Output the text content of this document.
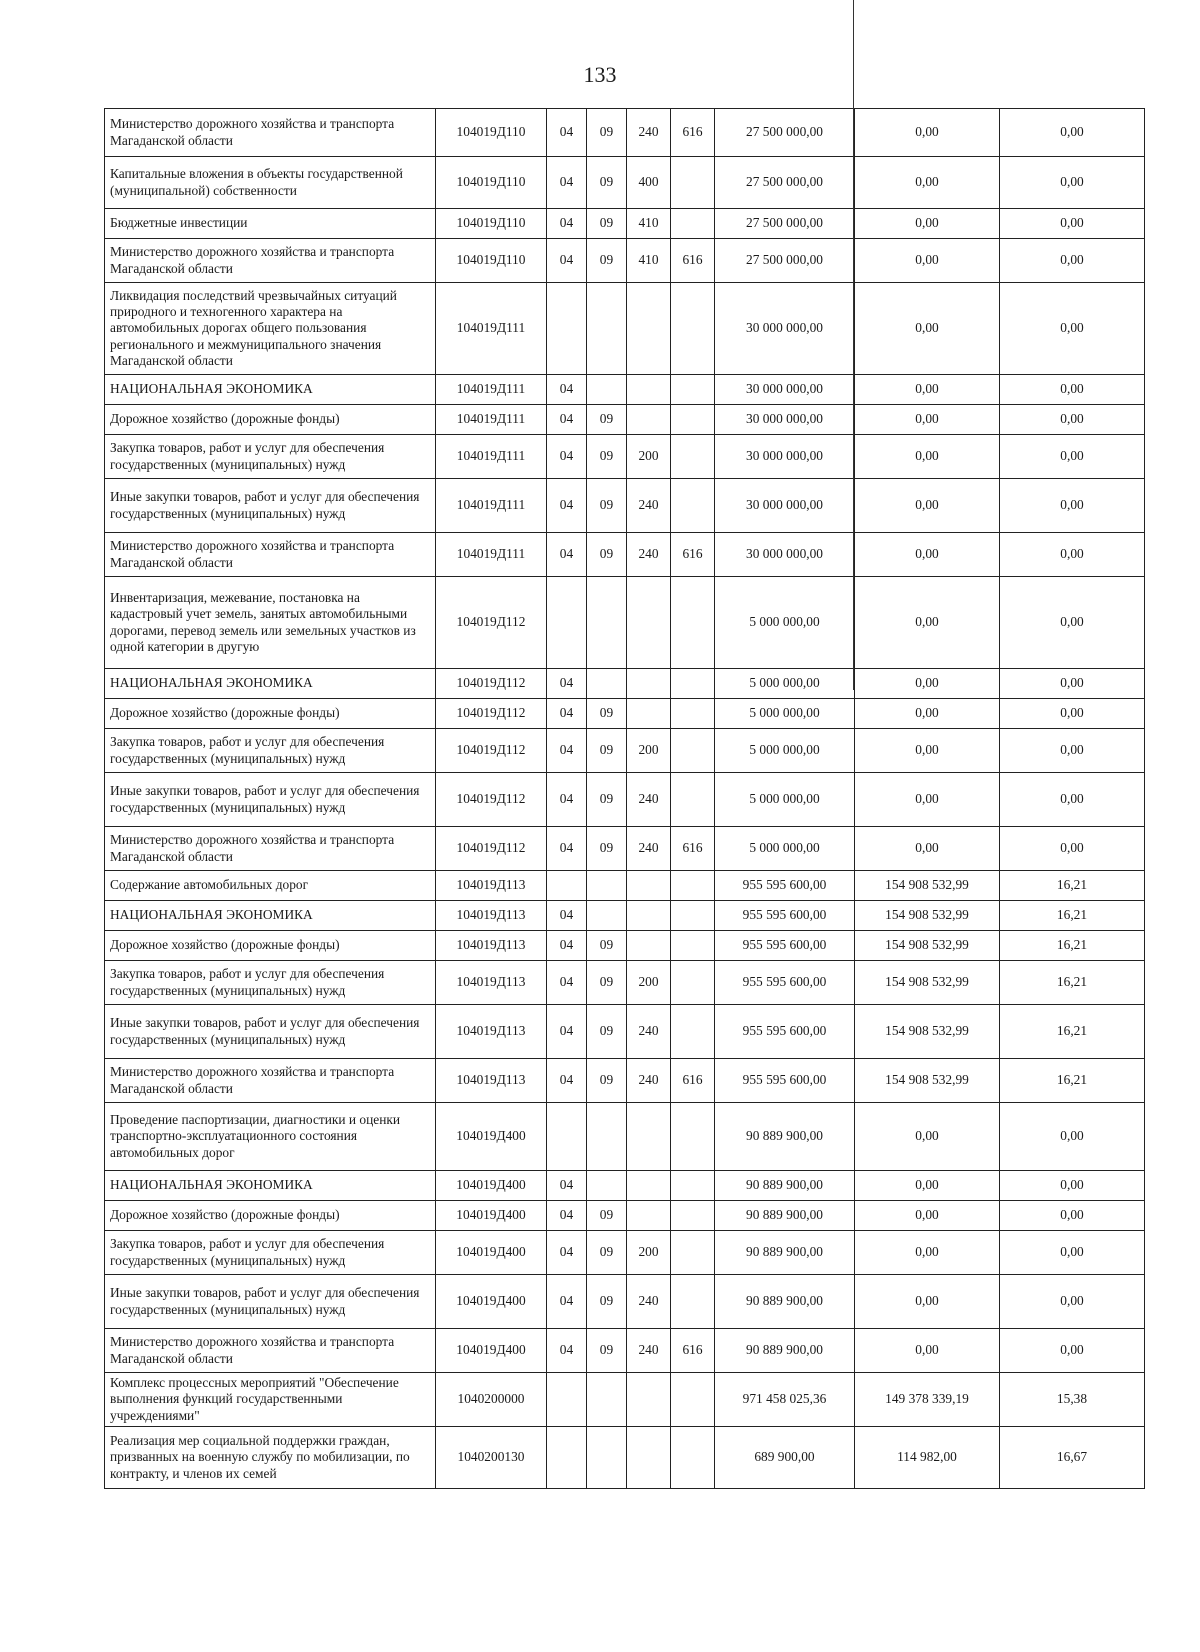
133
Министерство дорожного хозяйства и транспорта Магаданской области	104019Д110	04	09	240	616	27 500 000,00	0,00	0,00
Капитальные вложения в объекты государственной (муниципальной) собственности	104019Д110	04	09	400		27 500 000,00	0,00	0,00
Бюджетные инвестиции	104019Д110	04	09	410		27 500 000,00	0,00	0,00
Министерство дорожного хозяйства и транспорта Магаданской области	104019Д110	04	09	410	616	27 500 000,00	0,00	0,00
Ликвидация последствий чрезвычайных ситуаций природного и техногенного характера на автомобильных дорогах общего пользования регионального и межмуниципального значения Магаданской области	104019Д111					30 000 000,00	0,00	0,00
НАЦИОНАЛЬНАЯ ЭКОНОМИКА	104019Д111	04				30 000 000,00	0,00	0,00
Дорожное хозяйство (дорожные фонды)	104019Д111	04	09			30 000 000,00	0,00	0,00
Закупка товаров, работ и услуг для обеспечения государственных (муниципальных) нужд	104019Д111	04	09	200		30 000 000,00	0,00	0,00
Иные закупки товаров, работ и услуг для обеспечения государственных (муниципальных) нужд	104019Д111	04	09	240		30 000 000,00	0,00	0,00
Министерство дорожного хозяйства и транспорта Магаданской области	104019Д111	04	09	240	616	30 000 000,00	0,00	0,00
Инвентаризация, межевание, постановка на кадастровый учет земель, занятых автомобильными дорогами, перевод земель или земельных участков из одной категории в другую	104019Д112					5 000 000,00	0,00	0,00
НАЦИОНАЛЬНАЯ ЭКОНОМИКА	104019Д112	04				5 000 000,00	0,00	0,00
Дорожное хозяйство (дорожные фонды)	104019Д112	04	09			5 000 000,00	0,00	0,00
Закупка товаров, работ и услуг для обеспечения государственных (муниципальных) нужд	104019Д112	04	09	200		5 000 000,00	0,00	0,00
Иные закупки товаров, работ и услуг для обеспечения государственных (муниципальных) нужд	104019Д112	04	09	240		5 000 000,00	0,00	0,00
Министерство дорожного хозяйства и транспорта Магаданской области	104019Д112	04	09	240	616	5 000 000,00	0,00	0,00
Содержание автомобильных дорог	104019Д113					955 595 600,00	154 908 532,99	16,21
НАЦИОНАЛЬНАЯ ЭКОНОМИКА	104019Д113	04				955 595 600,00	154 908 532,99	16,21
Дорожное хозяйство (дорожные фонды)	104019Д113	04	09			955 595 600,00	154 908 532,99	16,21
Закупка товаров, работ и услуг для обеспечения государственных (муниципальных) нужд	104019Д113	04	09	200		955 595 600,00	154 908 532,99	16,21
Иные закупки товаров, работ и услуг для обеспечения государственных (муниципальных) нужд	104019Д113	04	09	240		955 595 600,00	154 908 532,99	16,21
Министерство дорожного хозяйства и транспорта Магаданской области	104019Д113	04	09	240	616	955 595 600,00	154 908 532,99	16,21
Проведение паспортизации, диагностики и оценки транспортно-эксплуатационного состояния автомобильных дорог	104019Д400					90 889 900,00	0,00	0,00
НАЦИОНАЛЬНАЯ ЭКОНОМИКА	104019Д400	04				90 889 900,00	0,00	0,00
Дорожное хозяйство (дорожные фонды)	104019Д400	04	09			90 889 900,00	0,00	0,00
Закупка товаров, работ и услуг для обеспечения государственных (муниципальных) нужд	104019Д400	04	09	200		90 889 900,00	0,00	0,00
Иные закупки товаров, работ и услуг для обеспечения государственных (муниципальных) нужд	104019Д400	04	09	240		90 889 900,00	0,00	0,00
Министерство дорожного хозяйства и транспорта Магаданской области	104019Д400	04	09	240	616	90 889 900,00	0,00	0,00
Комплекс процессных мероприятий "Обеспечение выполнения функций государственными учреждениями"	1040200000					971 458 025,36	149 378 339,19	15,38
Реализация мер социальной поддержки граждан, призванных на военную службу по мобилизации, по контракту, и членов их семей	1040200130					689 900,00	114 982,00	16,67
